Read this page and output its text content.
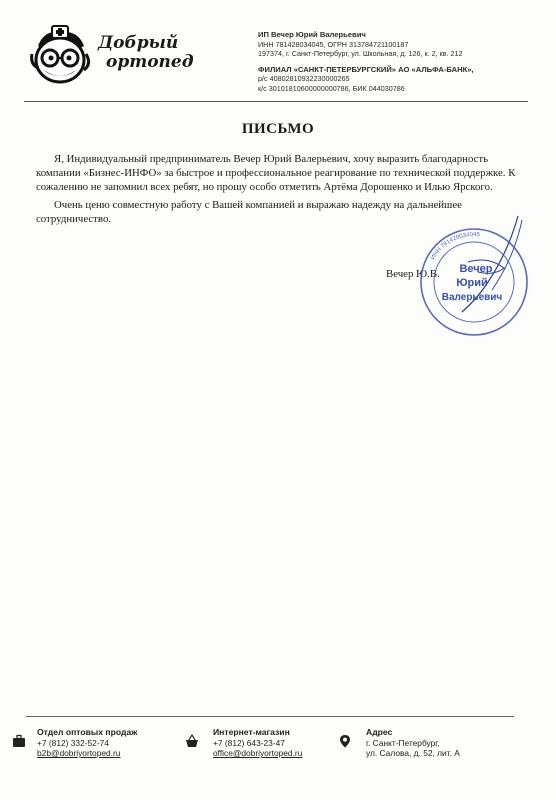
Добрый
ортопед
ИП Вечер Юрий Валерьевич
ИНН 781428034045, ОГРН 313784721100187
197374, г. Санкт-Петербург, ул. Школьная, д. 126, к. 2, кв. 212
ФИЛИАЛ «САНКТ-ПЕТЕРБУРГСКИЙ» АО «АЛЬФА-БАНК»,
р/с 40802810932230000265
к/с 30101810600000000786, БИК 044030786
ПИСЬМО
Я, Индивидуальный предприниматель Вечер Юрий Валерьевич, хочу выразить благодарность компании «Бизнес-ИНФО» за быстрое и профессиональное реагирование по технической поддержке. К сожалению не запомнил всех ребят, но прошу особо отметить Артёма Дорошенко и Илью Ярского.
Очень ценю совместную работу с Вашей компанией и выражаю надежду на дальнейшее сотрудничество.
Вечер Ю.В.
ИНН 781428034045
Вечер
Юрий
Валерьевич
Отдел оптовых продаж
+7 (812) 332-52-74
b2b@dobriyortoped.ru
Интернет-магазин
+7 (812) 643-23-47
office@dobriyortoped.ru
Адрес
г. Санкт-Петербург,
ул. Салова, д. 52, лит. А
